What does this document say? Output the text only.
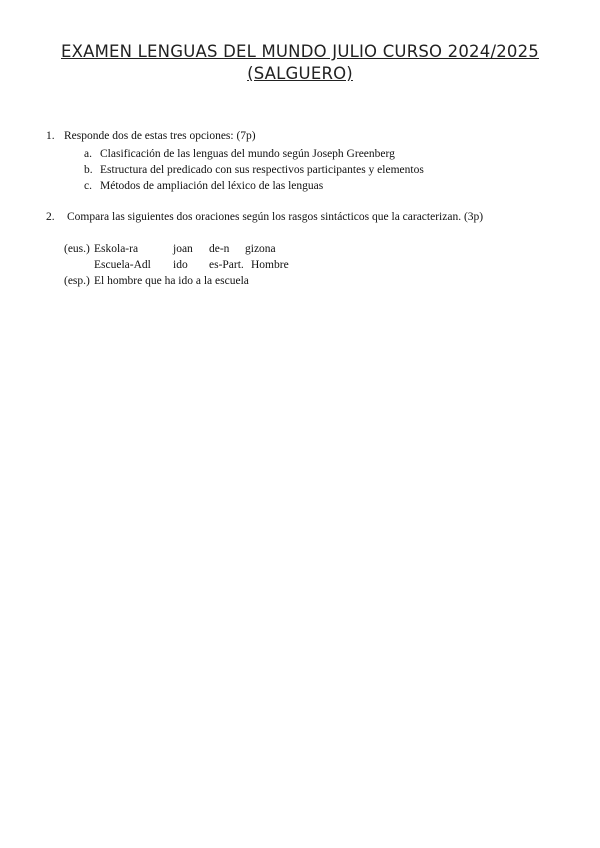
EXAMEN LENGUAS DEL MUNDO JULIO CURSO 2024/2025
(SALGUERO)
1. Responde dos de estas tres opciones: (7p)
a. Clasificación de las lenguas del mundo según Joseph Greenberg
b. Estructura del predicado con sus respectivos participantes y elementos
c. Métodos de ampliación del léxico de las lenguas
2. Compara las siguientes dos oraciones según los rasgos sintácticos que la caracterizan. (3p)
(eus.) Eskola-ra	joan de-n gizona
Escuela-Adl ido es-Part. Hombre
(esp.) El hombre que ha ido a la escuela
